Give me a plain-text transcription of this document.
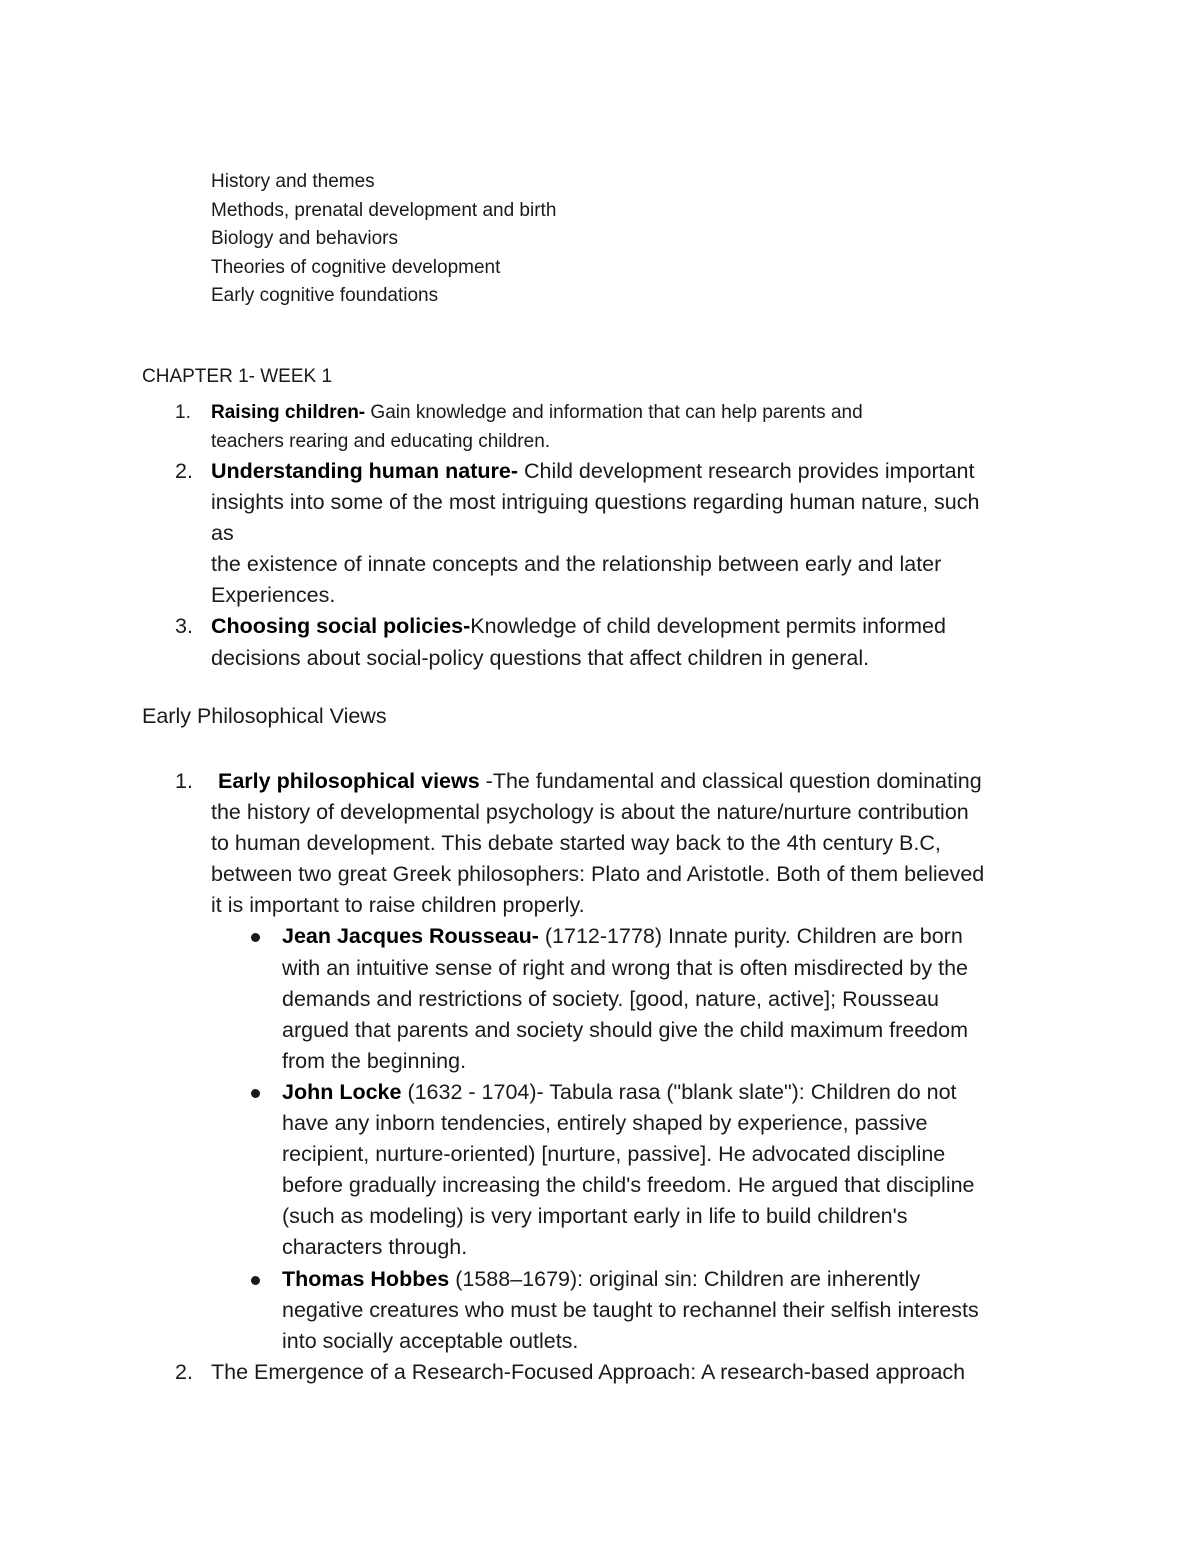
History and themes
Methods, prenatal development and birth
Biology and behaviors
Theories of cognitive development
Early cognitive foundations
CHAPTER 1- WEEK 1
1. Raising children- Gain knowledge and information that can help parents and
teachers rearing and educating children.
2. Understanding human nature- Child development research provides important
insights into some of the most intriguing questions regarding human nature, such
as
the existence of innate concepts and the relationship between early and later
Experiences.
3. Choosing social policies-Knowledge of child development permits informed
decisions about social-policy questions that affect children in general.
Early Philosophical Views
1. Early philosophical views -The fundamental and classical question dominating
the history of developmental psychology is about the nature/nurture contribution
to human development. This debate started way back to the 4th century B.C,
between two great Greek philosophers: Plato and Aristotle. Both of them believed
it is important to raise children properly.
Jean Jacques Rousseau- (1712-1778) Innate purity. Children are born
with an intuitive sense of right and wrong that is often misdirected by the
demands and restrictions of society. [good, nature, active]; Rousseau
argued that parents and society should give the child maximum freedom
from the beginning.
John Locke (1632 - 1704)- Tabula rasa ("blank slate"): Children do not
have any inborn tendencies, entirely shaped by experience, passive
recipient, nurture-oriented) [nurture, passive]. He advocated discipline
before gradually increasing the child's freedom. He argued that discipline
(such as modeling) is very important early in life to build children's
characters through.
Thomas Hobbes (1588–1679): original sin: Children are inherently
negative creatures who must be taught to rechannel their selfish interests
into socially acceptable outlets.
2. The Emergence of a Research-Focused Approach: A research-based approach
